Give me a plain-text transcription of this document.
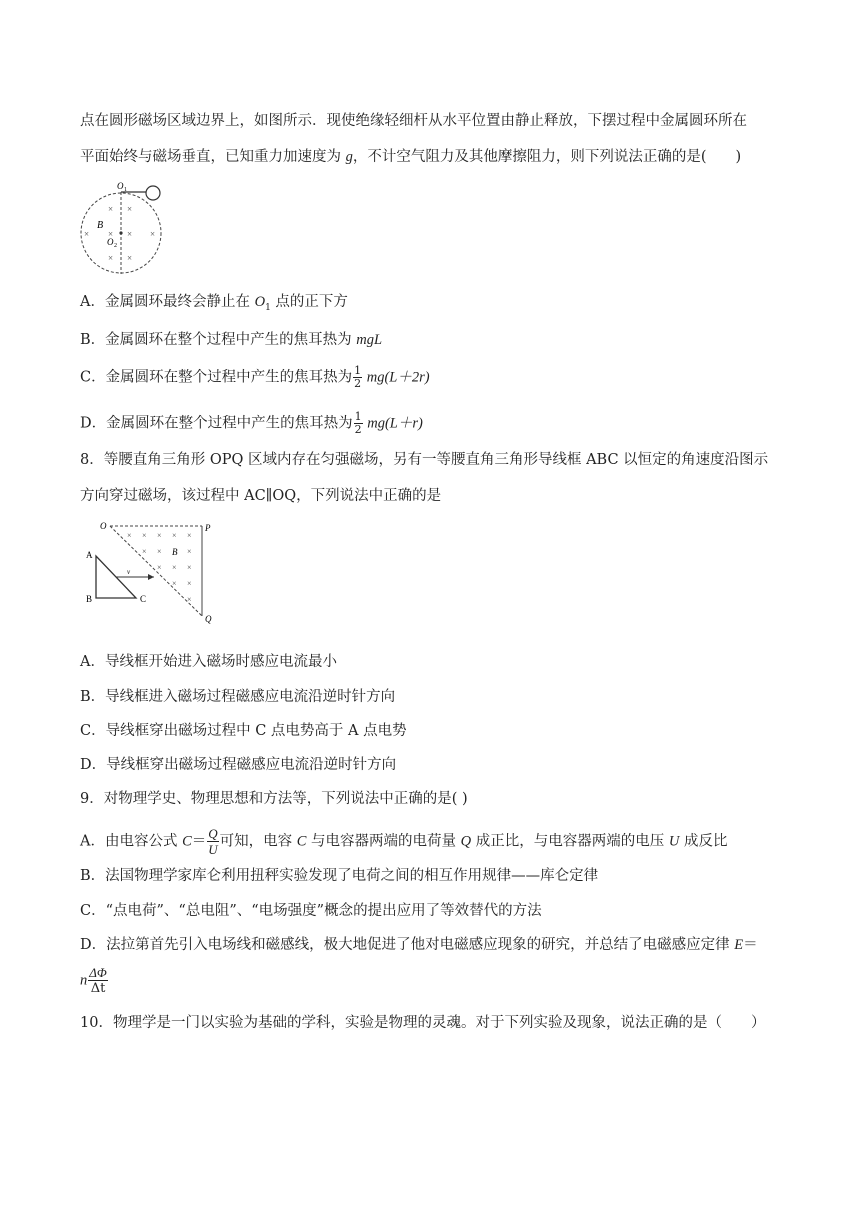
点在圆形磁场区域边界上，如图所示．现使绝缘轻细杆从水平位置由静止释放，下摆过程中金属圆环所在
平面始终与磁场垂直，已知重力加速度为 g，不计空气阻力及其他摩擦阻力，则下列说法正确的是(　　)
O 1
B
O 2
× ×
× × × ×
× ×
A．金属圆环最终会静止在 $O_1$ 点的正下方
B．金属圆环在整个过程中产生的焦耳热为 mgL
C．金属圆环在整个过程中产生的焦耳热为 $\frac{1}{2} mg(L+2r)$
D．金属圆环在整个过程中产生的焦耳热为 $\frac{1}{2} mg(L+r)$
8．等腰直角三角形 OPQ 区域内存在匀强磁场，另有一等腰直角三角形导线框 ABC 以恒定的角速度沿图示
方向穿过磁场，该过程中 AC∥OQ，下列说法中正确的是
O	P
Q
A
B	C
v
B
× × × × ×
× ×	×
× × ×
× ×
×
A．导线框开始进入磁场时感应电流最小
B．导线框进入磁场过程磁感应电流沿逆时针方向
C．导线框穿出磁场过程中 C 点电势高于 A 点电势
D．导线框穿出磁场过程磁感应电流沿逆时针方向
9．对物理学史、物理思想和方法等，下列说法中正确的是( )
A．由电容公式 $C= \frac{Q}{U}$ 可知，电容 C 与电容器两端的电荷量 Q 成正比，与电容器两端的电压 U 成反比
B．法国物理学家库仑利用扭秤实验发现了电荷之间的相互作用规律——库仑定律
C．“点电荷”、“总电阻”、“电场强度”概念的提出应用了等效替代的方法
D．法拉第首先引入电场线和磁感线，极大地促进了他对电磁感应现象的研究，并总结了电磁感应定律 E＝
n $\frac{\Delta\Phi}{\Delta t}$
10．物理学是一门以实验为基础的学科，实验是物理的灵魂。对于下列实验及现象，说法正确的是（　　）
